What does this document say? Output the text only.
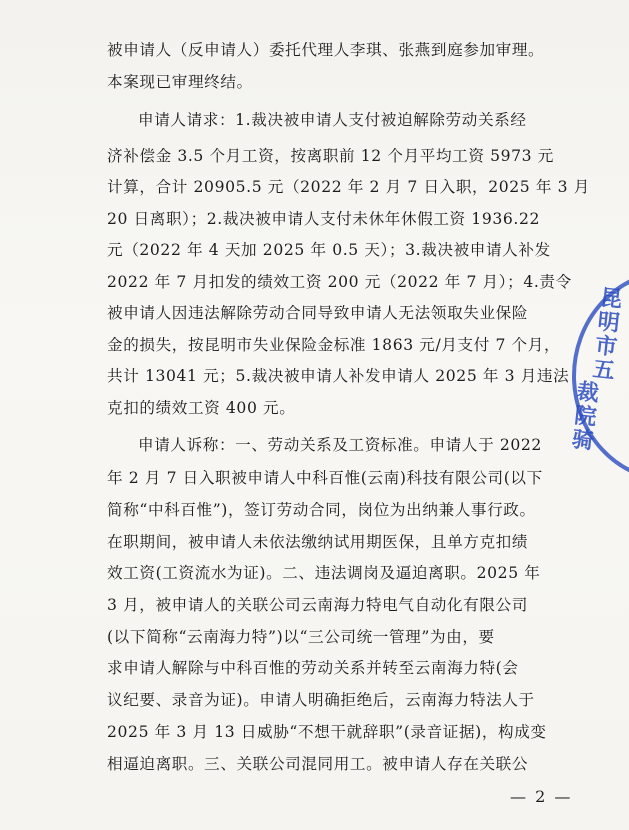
被申请人（反申请人）委托代理人李琪、张燕到庭参加审理。
本案现已审理终结。
申请人请求：1.裁决被申请人支付被迫解除劳动关系经
济补偿金 3.5 个月工资，按离职前 12 个月平均工资 5973 元
计算，合计 20905.5 元（2022 年 2 月 7 日入职，2025 年 3 月
20 日离职）；2.裁决被申请人支付未休年休假工资 1936.22
元（2022 年 4 天加 2025 年 0.5 天）；3.裁决被申请人补发
2022 年 7 月扣发的绩效工资 200 元（2022 年 7 月）；4.责令
被申请人因违法解除劳动合同导致申请人无法领取失业保险
金的损失，按昆明市失业保险金标准 1863 元/月支付 7 个月，
共计 13041 元；5.裁决被申请人补发申请人 2025 年 3 月违法
克扣的绩效工资 400 元。
申请人诉称：一、劳动关系及工资标准。申请人于 2022
年 2 月 7 日入职被申请人中科百惟(云南)科技有限公司(以下
简称“中科百惟”)，签订劳动合同，岗位为出纳兼人事行政。
在职期间，被申请人未依法缴纳试用期医保，且单方克扣绩
效工资(工资流水为证)。二、违法调岗及逼迫离职。2025 年
3 月，被申请人的关联公司云南海力特电气自动化有限公司
(以下简称“云南海力特”)以“三公司统一管理”为由，要
求申请人解除与中科百惟的劳动关系并转至云南海力特(会
议纪要、录音为证)。申请人明确拒绝后，云南海力特法人于
2025 年 3 月 13 日威胁“不想干就辞职”(录音证据)，构成变
相逼迫离职。三、关联公司混同用工。被申请人存在关联公
昆明市五
裁院骑
— 2 —
